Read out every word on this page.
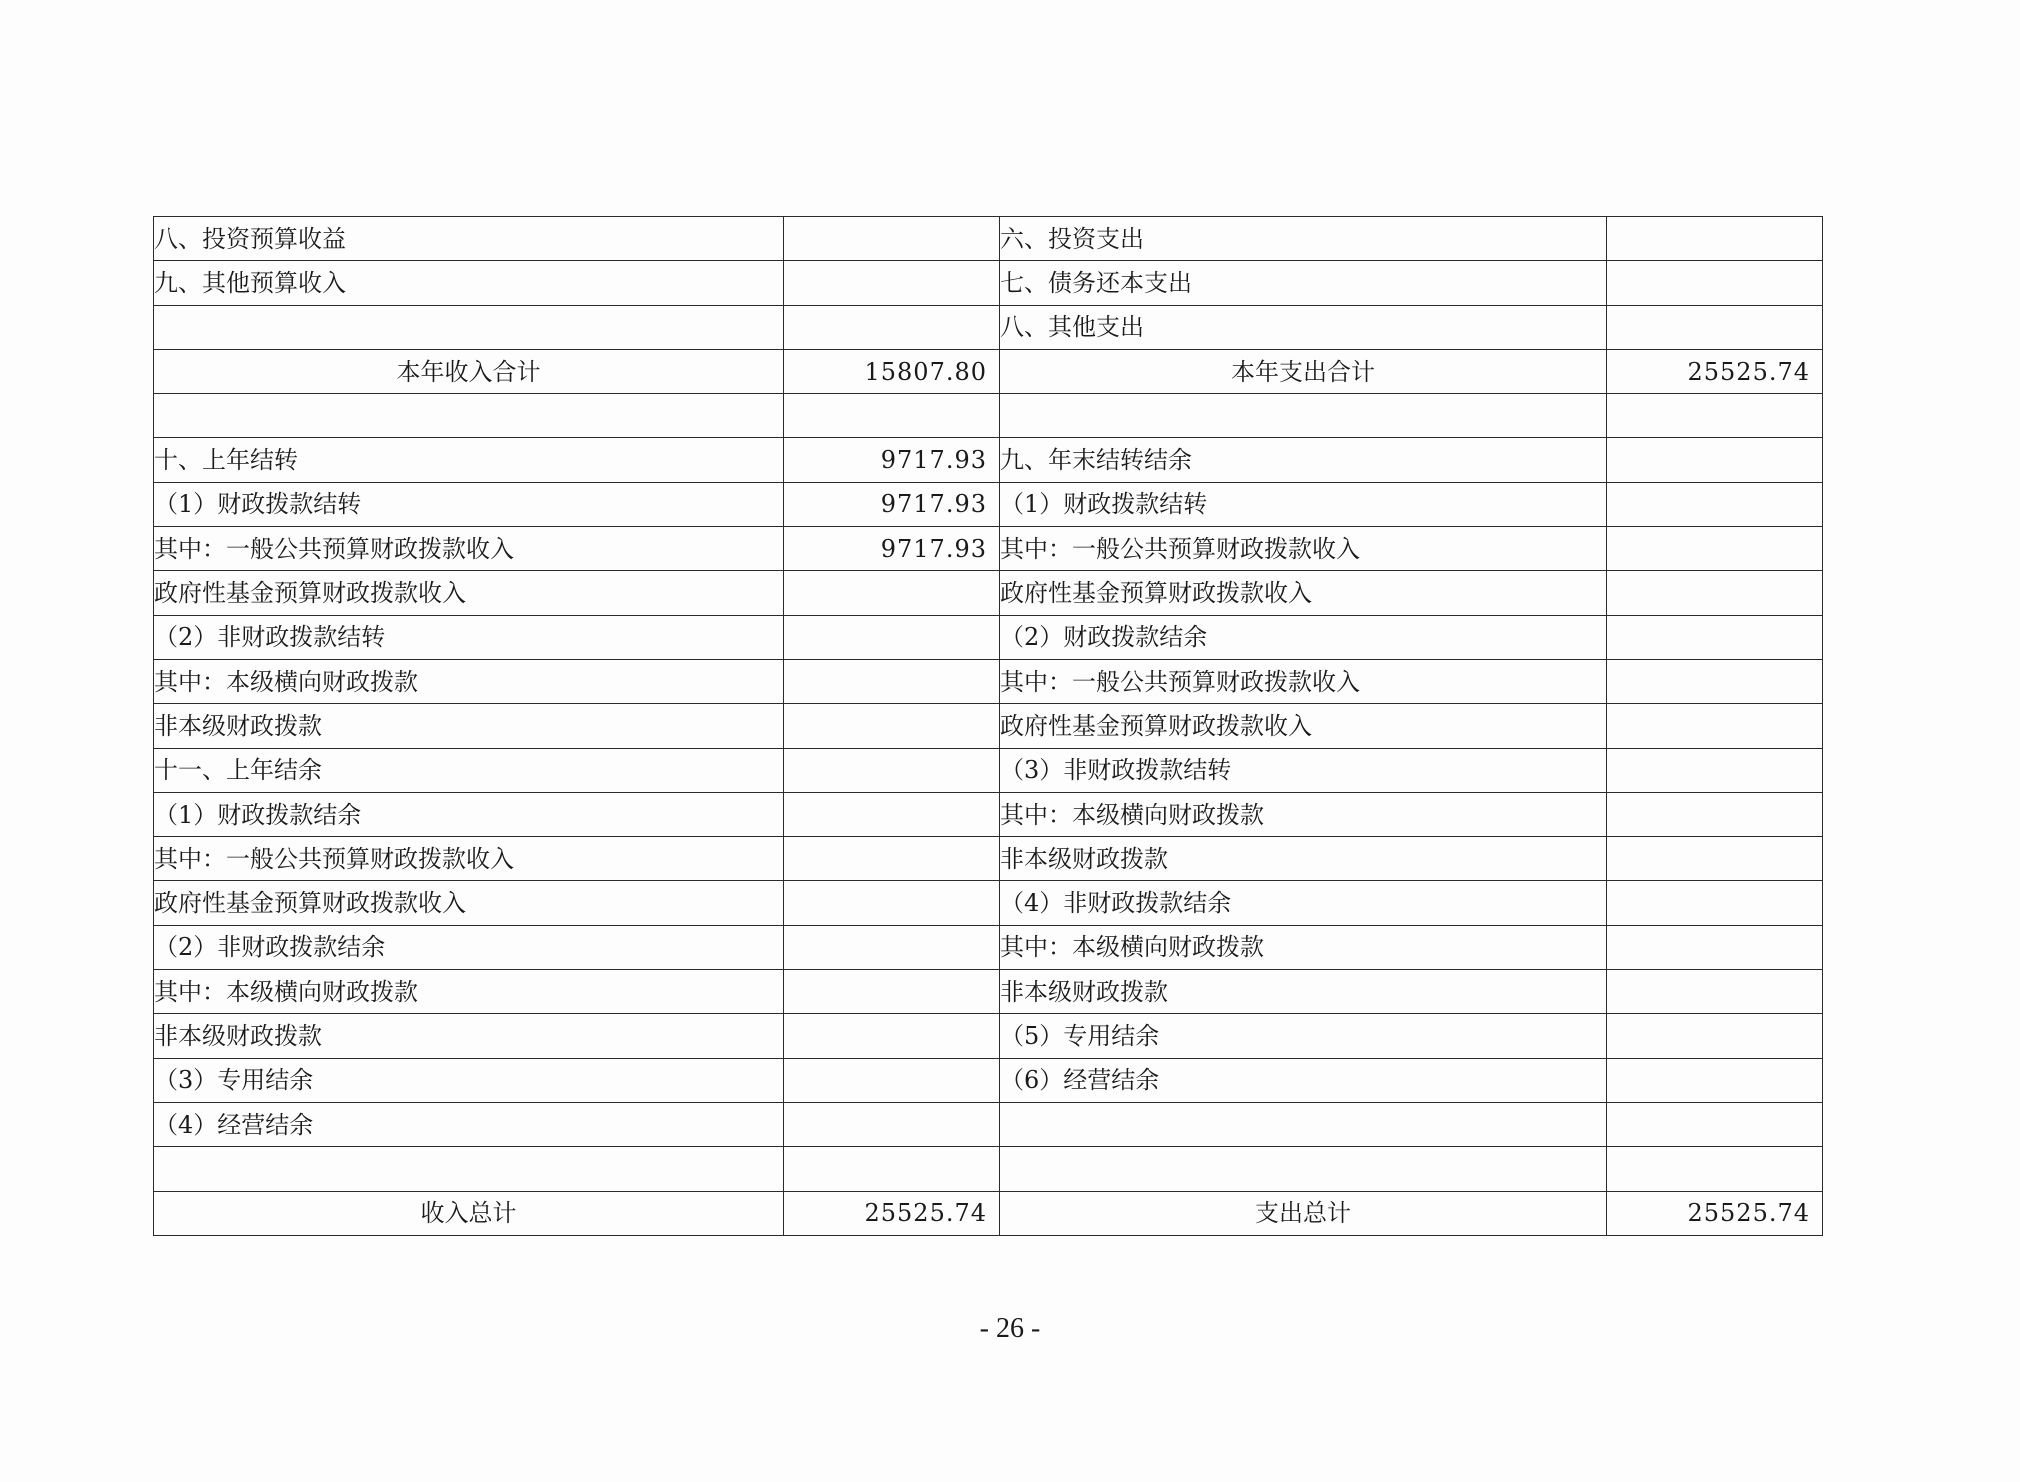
八、投资预算收益		六、投资支出	
九、其他预算收入		七、债务还本支出	
		八、其他支出	
本年收入合计	15807.80	本年支出合计	25525.74

十、上年结转	9717.93	九、年末结转结余	
（1）财政拨款结转	9717.93	（1）财政拨款结转	
其中：一般公共预算财政拨款收入	9717.93	其中：一般公共预算财政拨款收入	
政府性基金预算财政拨款收入		政府性基金预算财政拨款收入	
（2）非财政拨款结转		（2）财政拨款结余	
其中：本级横向财政拨款		其中：一般公共预算财政拨款收入	
非本级财政拨款		政府性基金预算财政拨款收入	
十一、上年结余		（3）非财政拨款结转	
（1）财政拨款结余		其中：本级横向财政拨款	
其中：一般公共预算财政拨款收入		非本级财政拨款	
政府性基金预算财政拨款收入		（4）非财政拨款结余	
（2）非财政拨款结余		其中：本级横向财政拨款	
其中：本级横向财政拨款		非本级财政拨款	
非本级财政拨款		（5）专用结余	
（3）专用结余		（6）经营结余	
（4）经营结余			

收入总计	25525.74	支出总计	25525.74
- 26 -
